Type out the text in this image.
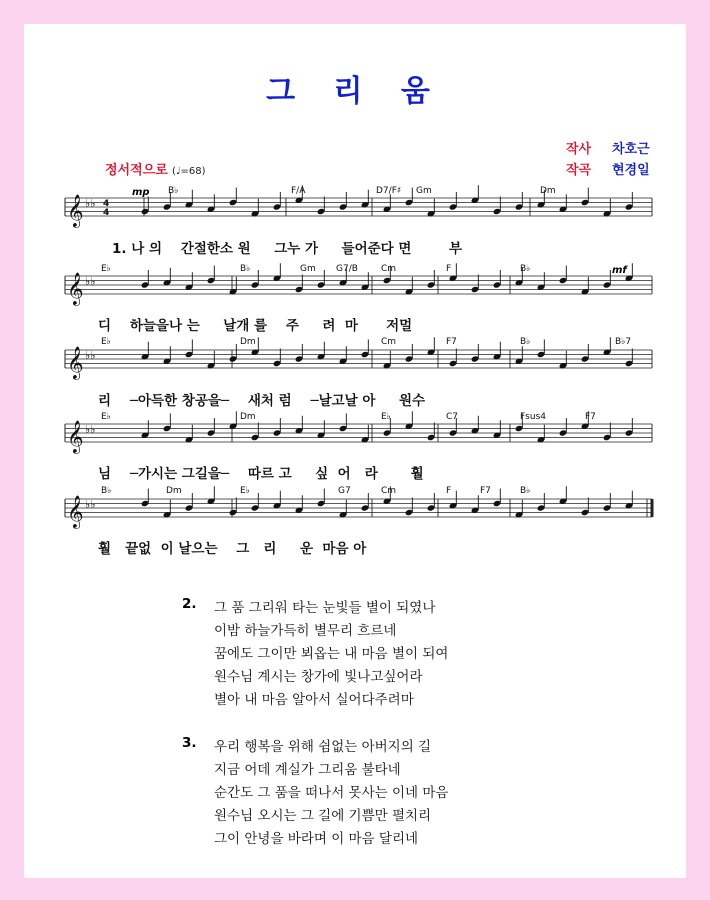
그 리 움
작사 차호근
작곡 현경일
정서적으로 (♩=68)
𝄞 ♭♭
𝄞 ♭♭
𝄞 ♭♭
𝄞 ♭♭
𝄞 ♭♭
4
4
mp
mf
B♭	F/A	D7/F♯ Gm	Dm
E♭	B♭	Gm G7/B	Cm	F	B♭
E♭	Dm	Cm	F7	B♭	B♭7
E♭	Dm	E♭	C7	Fsus4	F7
B♭	Dm	E♭	G7	Cm	F	F7	B♭
1. 나 의    간절한소 원     그누 가     들어준다 면        부
디    하늘을나 는     날개 를    주     려  마      저멀
리    ─아득한 창공을─    새처 럼    ─날고날 아     원수
님    ─가시는 그길을─    따르 고     싶  어   라       훨
훨   끝없  이 날으는    그   리     운  마음 아
2. 그 품 그리워 타는 눈빛들 별이 되였나
이밤 하늘가득히 별무리 흐르네
꿈에도 그이만 뵈옵는 내 마음 별이 되여
원수님 계시는 창가에 빛나고싶어라
별아 내 마음 알아서 실어다주려마
3. 우리 행복을 위해 쉼없는 아버지의 길
지금 어데 계실가 그리움 불타네
순간도 그 품을 떠나서 못사는 이네 마음
원수님 오시는 그 길에 기쁨만 펼치리
그이 안녕을 바라며 이 마음 달리네
